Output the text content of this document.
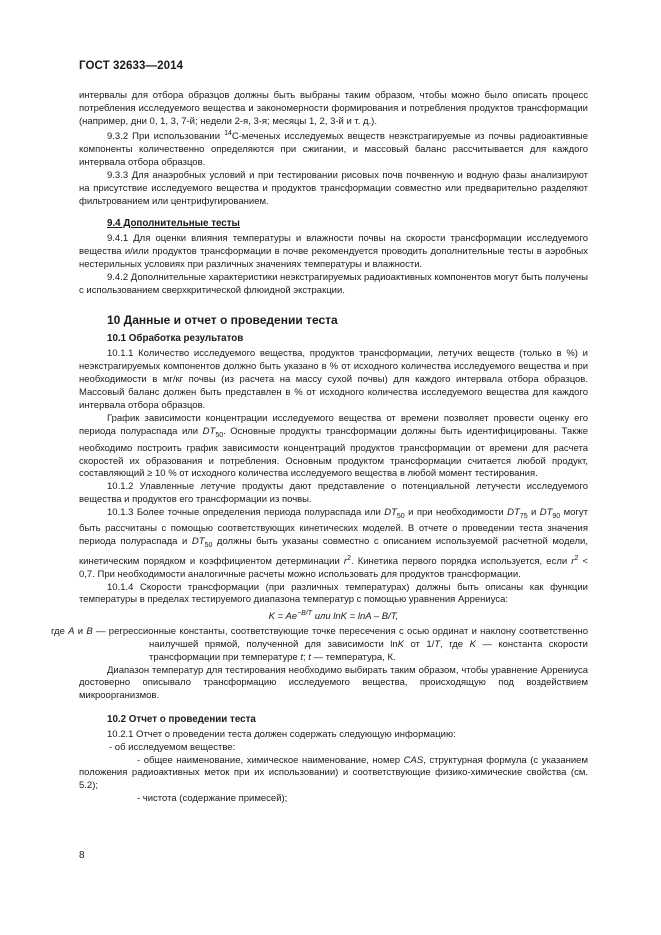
ГОСТ 32633—2014

интервалы для отбора образцов должны быть выбраны таким образом, чтобы можно было описать процесс потребления исследуемого вещества и закономерности формирования и потребления продуктов трансформации (например, дни 0, 1, 3, 7-й; недели 2-я, 3-я; месяцы 1, 2, 3-й и т. д.).

9.3.2 При использовании $^{14}$С-меченых исследуемых веществ неэкстрагируемые из почвы радиоактивные компоненты количественно определяются при сжигании, и массовый баланс рассчитывается для каждого интервала отбора образцов.

9.3.3 Для анаэробных условий и при тестировании рисовых почв почвенную и водную фазы анализируют на присутствие исследуемого вещества и продуктов трансформации совместно или предварительно разделяют фильтрованием или центрифугированием.

9.4 Дополнительные тесты

9.4.1 Для оценки влияния температуры и влажности почвы на скорости трансформации исследуемого вещества и/или продуктов трансформации в почве рекомендуется проводить дополнительные тесты в аэробных нестерильных условиях при различных значениях температуры и влажности.

9.4.2 Дополнительные характеристики неэкстрагируемых радиоактивных компонентов могут быть получены с использованием сверхкритической флюидной экстракции.

10 Данные и отчет о проведении теста
10.1 Обработка результатов

10.1.1 Количество исследуемого вещества, продуктов трансформации, летучих веществ (только в %) и неэкстрагируемых компонентов должно быть указано в % от исходного количества исследуемого вещества и при необходимости в мг/кг почвы (из расчета на массу сухой почвы) для каждого интервала отбора образцов. Массовый баланс должен быть представлен в % от исходного количества исследуемого вещества для каждого интервала отбора образцов.

График зависимости концентрации исследуемого вещества от времени позволяет провести оценку его периода полураспада или $DT_{50}$. Основные продукты трансформации должны быть идентифицированы. Также необходимо построить график зависимости концентраций продуктов трансформации от времени для расчета скоростей их образования и потребления. Основным продуктом трансформации считается любой продукт, составляющий ≥ 10 % от исходного количества исследуемого вещества в любой момент тестирования.

10.1.2 Улавленные летучие продукты дают представление о потенциальной летучести исследуемого вещества и продуктов его трансформации из почвы.

10.1.3 Более точные определения периода полураспада или $DT_{50}$ и при необходимости $DT_{75}$ и $DT_{90}$ могут быть рассчитаны с помощью соответствующих кинетических моделей. В отчете о проведении теста значения периода полураспада и $DT_{50}$ должны быть указаны совместно с описанием используемой расчетной модели, кинетическим порядком и коэффициентом детерминации $r^2$. Кинетика первого порядка используется, если $r^2 < 0,7$. При необходимости аналогичные расчеты можно использовать для продуктов трансформации.

10.1.4 Скорости трансформации (при различных температурах) должны быть описаны как функции температуры в пределах тестируемого диапазона температур с помощью уравнения Аррениуса:

$K = Ae^{-B/T}$ или lnK = lnA – B/T,

где A и B — регрессионные константы, соответствующие точке пересечения с осью ординат и наклону соответственно наилучшей прямой, полученной для зависимости lnK от 1/T, где K — константа скорости трансформации при температуре t; t — температура, К.

Диапазон температур для тестирования необходимо выбирать таким образом, чтобы уравнение Аррениуса достоверно описывало трансформацию исследуемого вещества, происходящую под воздействием микроорганизмов.

10.2 Отчет о проведении теста

10.2.1 Отчет о проведении теста должен содержать следующую информацию:

- об исследуемом веществе:

- общее наименование, химическое наименование, номер CAS, структурная формула (с указанием положения радиоактивных меток при их использовании) и соответствующие физико-химические свойства (см. 5.2);

- чистота (содержание примесей);

8
